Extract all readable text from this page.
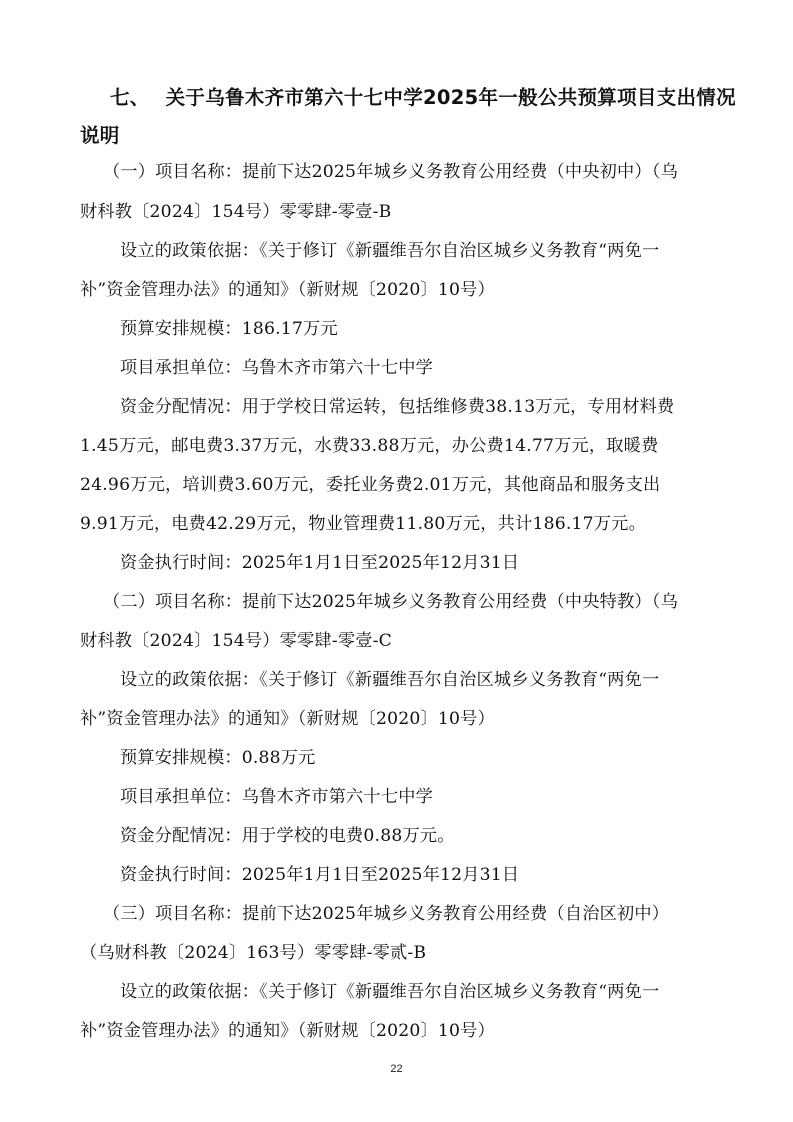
七、 关于乌鲁木齐市第六十七中学2025年一般公共预算项目支出情况
说明
（一）项目名称：提前下达2025年城乡义务教育公用经费（中央初中）（乌
财科教〔2024〕154号）零零肆-零壹-B
设立的政策依据：《关于修订《新疆维吾尔自治区城乡义务教育“两免一
补”资金管理办法》的通知》（新财规〔2020〕10号）
预算安排规模：186.17万元
项目承担单位：乌鲁木齐市第六十七中学
资金分配情况：用于学校日常运转，包括维修费38.13万元，专用材料费
1.45万元，邮电费3.37万元，水费33.88万元，办公费14.77万元，取暖费
24.96万元，培训费3.60万元，委托业务费2.01万元，其他商品和服务支出
9.91万元，电费42.29万元，物业管理费11.80万元，共计186.17万元。
资金执行时间：2025年1月1日至2025年12月31日
（二）项目名称：提前下达2025年城乡义务教育公用经费（中央特教）（乌
财科教〔2024〕154号）零零肆-零壹-C
设立的政策依据：《关于修订《新疆维吾尔自治区城乡义务教育“两免一
补”资金管理办法》的通知》（新财规〔2020〕10号）
预算安排规模：0.88万元
项目承担单位：乌鲁木齐市第六十七中学
资金分配情况：用于学校的电费0.88万元。
资金执行时间：2025年1月1日至2025年12月31日
（三）项目名称：提前下达2025年城乡义务教育公用经费（自治区初中）
（乌财科教〔2024〕163号）零零肆-零贰-B
设立的政策依据：《关于修订《新疆维吾尔自治区城乡义务教育“两免一
补”资金管理办法》的通知》（新财规〔2020〕10号）
22
